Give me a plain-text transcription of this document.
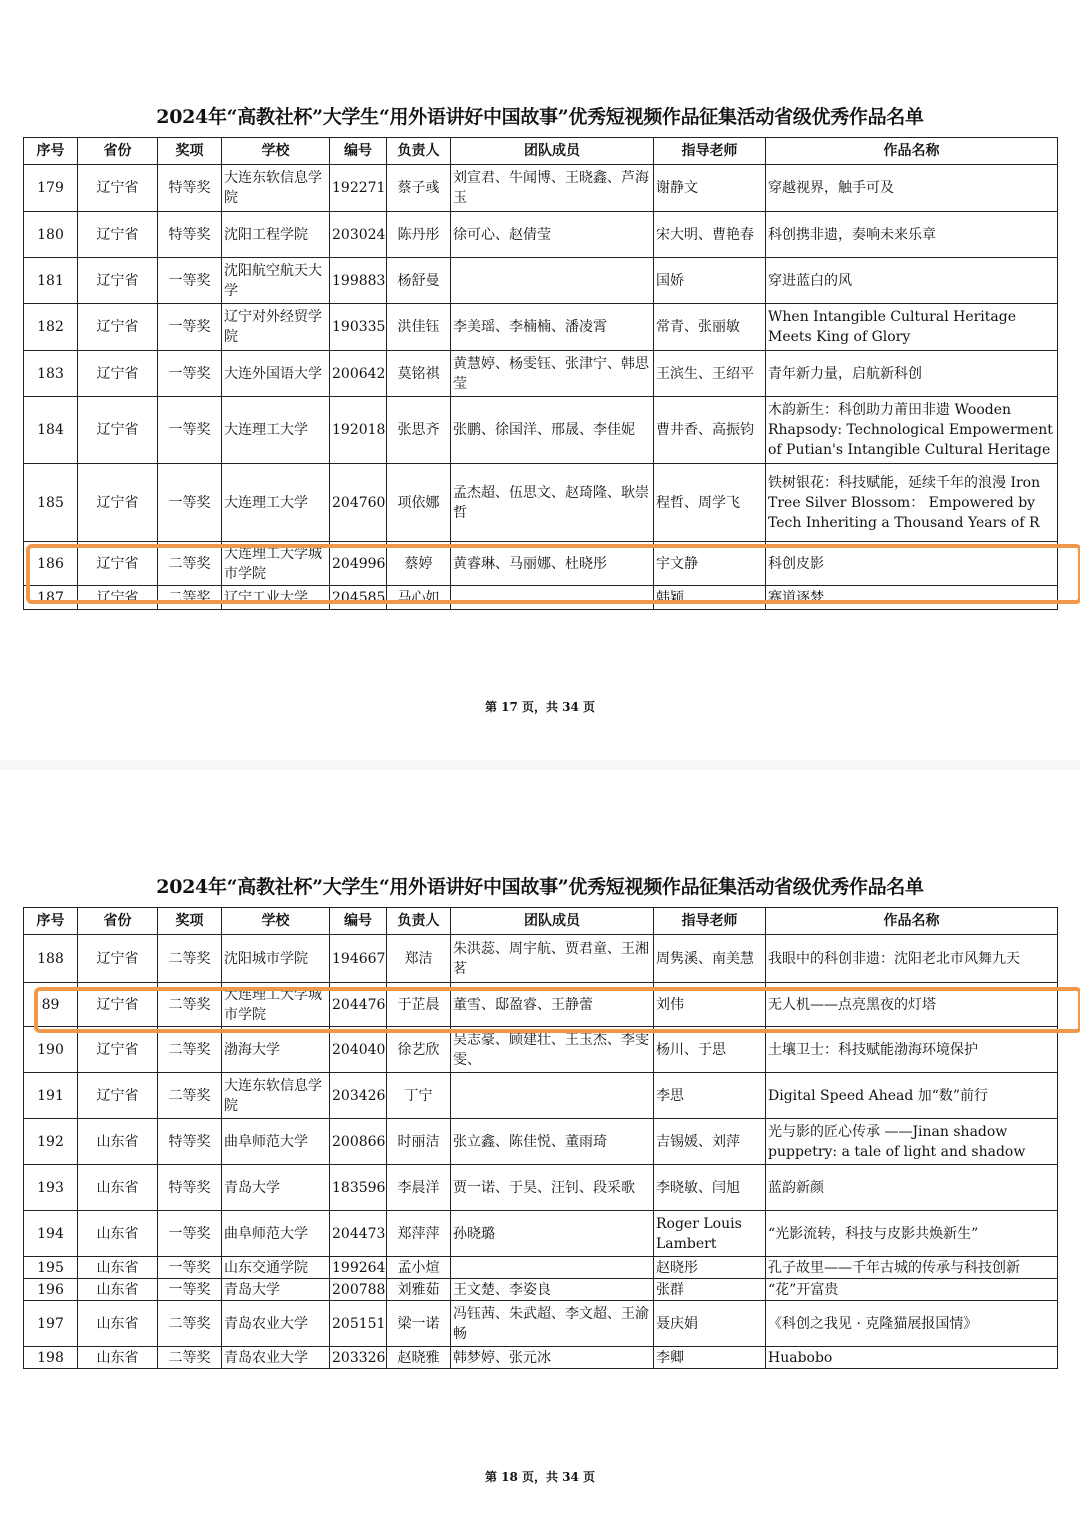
2024年“高教社杯”大学生“用外语讲好中国故事”优秀短视频作品征集活动省级优秀作品名单
序号	省份	奖项	学校	编号	负责人	团队成员	指导老师	作品名称
179	辽宁省	特等奖	大连东软信息学院	192271	蔡子彧	刘宣君、牛闻博、王晓鑫、芦海玉	谢静文	穿越视界，触手可及
180	辽宁省	特等奖	沈阳工程学院	203024	陈丹彤	徐可心、赵倩莹	宋大明、曹艳春	科创携非遗，奏响未来乐章
181	辽宁省	一等奖	沈阳航空航天大学	199883	杨舒曼		国娇	穿进蓝白的风
182	辽宁省	一等奖	辽宁对外经贸学院	190335	洪佳钰	李美瑶、李楠楠、潘凌霄	常青、张丽敏	When Intangible Cultural Heritage Meets King of Glory
183	辽宁省	一等奖	大连外国语大学	200642	莫铭祺	黄慧婷、杨雯钰、张津宁、韩思莹	王滨生、王绍平	青年新力量，启航新科创
184	辽宁省	一等奖	大连理工大学	192018	张思齐	张鹏、徐国洋、邢晟、李佳妮	曹井香、高振钧	木韵新生：科创助力莆田非遗 Wooden Rhapsody: Technological Empowerment of Putian's Intangible Cultural Heritage
185	辽宁省	一等奖	大连理工大学	204760	项依娜	孟杰超、伍思文、赵琦隆、耿崇哲	程哲、周学飞	铁树银花：科技赋能，延续千年的浪漫 Iron Tree Silver Blossom： Empowered by Tech Inheriting a Thousand Years of R
186	辽宁省	二等奖	大连理工大学城市学院	204996	蔡婷	黄睿琳、马丽娜、杜晓彤	宇文静	科创皮影
187	辽宁省	二等奖	辽宁工业大学	204585	马心如		韩颖	赛道逐梦
第 17 页，共 34 页
2024年“高教社杯”大学生“用外语讲好中国故事”优秀短视频作品征集活动省级优秀作品名单
序号	省份	奖项	学校	编号	负责人	团队成员	指导老师	作品名称
188	辽宁省	二等奖	沈阳城市学院	194667	郑洁	朱洪蕊、周宇航、贾君童、王湘茗	周隽溪、南美慧	我眼中的科创非遗：沈阳老北市风舞九天
89	辽宁省	二等奖	大连理工大学城市学院	204476	于芷晨	董雪、邸盈睿、王静蕾	刘伟	无人机——点亮黑夜的灯塔
190	辽宁省	二等奖	渤海大学	204040	徐艺欣	吴志豪、顾建壮、王玉杰、李雯雯、	杨川、于思	土壤卫士：科技赋能渤海环境保护
191	辽宁省	二等奖	大连东软信息学院	203426	丁宁		李思	Digital Speed Ahead 加“数”前行
192	山东省	特等奖	曲阜师范大学	200866	时丽洁	张立鑫、陈佳悦、董雨琦	吉锡媛、刘萍	光与影的匠心传承 ——Jinan shadow puppetry: a tale of light and shadow
193	山东省	特等奖	青岛大学	183596	李晨洋	贾一诺、于昊、汪钊、段采歌	李晓敏、闫旭	蓝韵新颜
194	山东省	一等奖	曲阜师范大学	204473	郑萍萍	孙晓璐	Roger Louis Lambert	“光影流转，科技与皮影共焕新生”
195	山东省	一等奖	山东交通学院	199264	孟小煊		赵晓彤	孔子故里——千年古城的传承与科技创新
196	山东省	一等奖	青岛大学	200788	刘雅茹	王文楚、李姿良	张群	“花”开富贵
197	山东省	二等奖	青岛农业大学	205151	梁一诺	冯钰茜、朱武超、李文超、王渝畅	聂庆娟	《科创之我见 · 克隆猫展报国情》
198	山东省	二等奖	青岛农业大学	203326	赵晓雅	韩梦婷、张元冰	李卿	Huabobo
第 18 页，共 34 页
